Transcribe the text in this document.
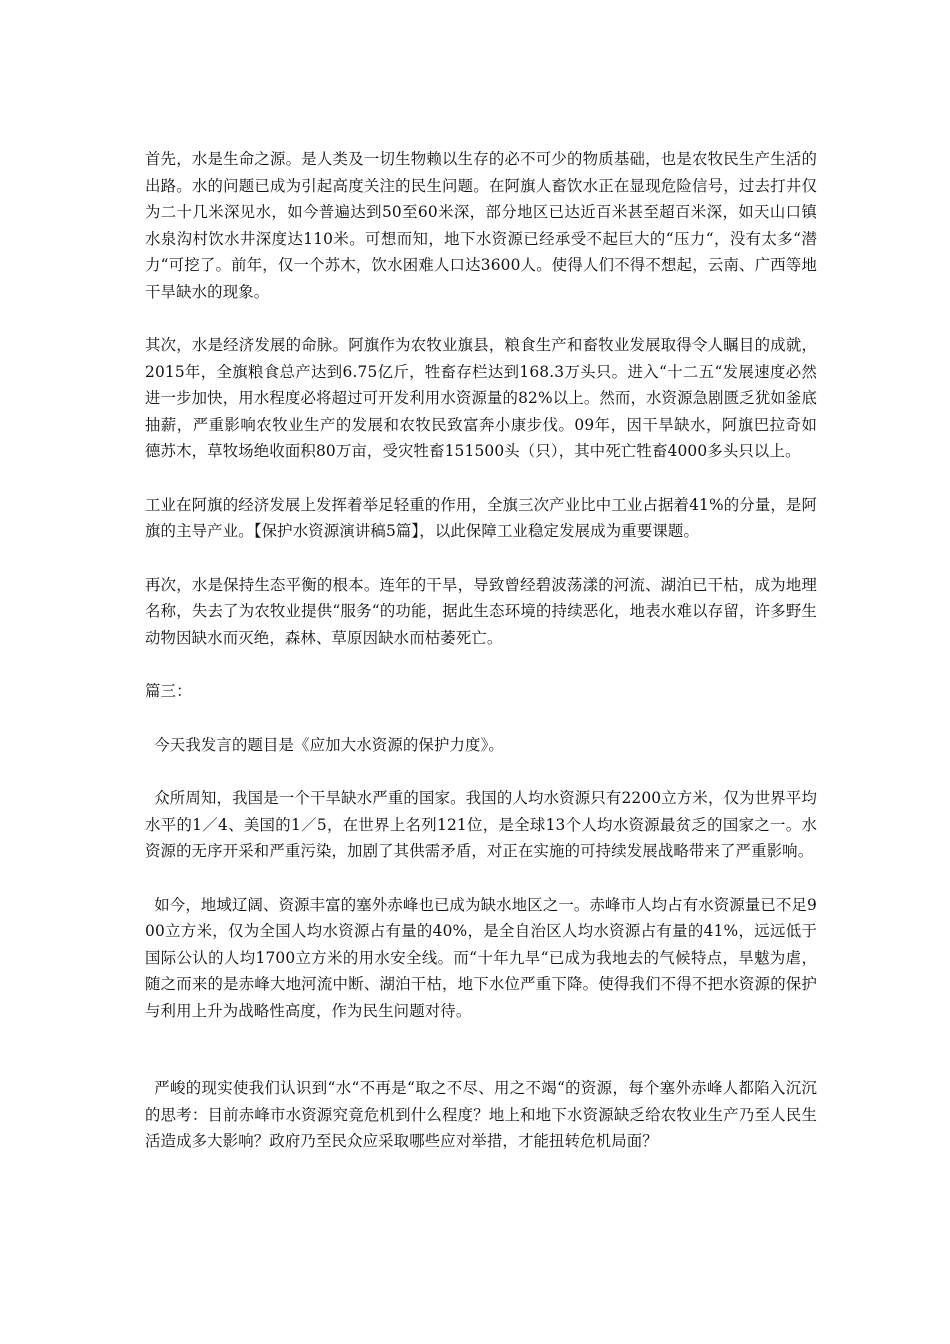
首先，水是生命之源。是人类及一切生物赖以生存的必不可少的物质基础，也是农牧民生产生活的出路。水的问题已成为引起高度关注的民生问题。在阿旗人畜饮水正在显现危险信号，过去打井仅为二十几米深见水，如今普遍达到50至60米深，部分地区已达近百米甚至超百米深，如天山口镇水泉沟村饮水井深度达110米。可想而知，地下水资源已经承受不起巨大的“压力“，没有太多“潜力“可挖了。前年，仅一个苏木，饮水困难人口达3600人。使得人们不得不想起，云南、广西等地干旱缺水的现象。

其次，水是经济发展的命脉。阿旗作为农牧业旗县，粮食生产和畜牧业发展取得令人瞩目的成就，2015年，全旗粮食总产达到6.75亿斤，牲畜存栏达到168.3万头只。进入“十二五“发展速度必然进一步加快，用水程度必将超过可开发利用水资源量的82%以上。然而，水资源急剧匮乏犹如釜底抽薪，严重影响农牧业生产的发展和农牧民致富奔小康步伐。09年，因干旱缺水，阿旗巴拉奇如德苏木，草牧场绝收面积80万亩，受灾牲畜151500头（只），其中死亡牲畜4000多头只以上。

工业在阿旗的经济发展上发挥着举足轻重的作用，全旗三次产业比中工业占据着41%的分量，是阿旗的主导产业。【保护水资源演讲稿5篇】，以此保障工业稳定发展成为重要课题。

再次，水是保持生态平衡的根本。连年的干旱，导致曾经碧波荡漾的河流、湖泊已干枯，成为地理名称，失去了为农牧业提供“服务“的功能，据此生态环境的持续恶化，地表水难以存留，许多野生动物因缺水而灭绝，森林、草原因缺水而枯萎死亡。

篇三：

今天我发言的题目是《应加大水资源的保护力度》。

众所周知，我国是一个干旱缺水严重的国家。我国的人均水资源只有2200立方米，仅为世界平均水平的1／4、美国的1／5，在世界上名列121位，是全球13个人均水资源最贫乏的国家之一。水资源的无序开采和严重污染，加剧了其供需矛盾，对正在实施的可持续发展战略带来了严重影响。

如今，地域辽阔、资源丰富的塞外赤峰也已成为缺水地区之一。赤峰市人均占有水资源量已不足900立方米，仅为全国人均水资源占有量的40%，是全自治区人均水资源占有量的41%，远远低于国际公认的人均1700立方米的用水安全线。而“十年九旱“已成为我地去的气候特点，旱魃为虐，随之而来的是赤峰大地河流中断、湖泊干枯，地下水位严重下降。使得我们不得不把水资源的保护与利用上升为战略性高度，作为民生问题对待。

严峻的现实使我们认识到“水“不再是“取之不尽、用之不竭“的资源，每个塞外赤峰人都陷入沉沉的思考：目前赤峰市水资源究竟危机到什么程度？地上和地下水资源缺乏给农牧业生产乃至人民生活造成多大影响？政府乃至民众应采取哪些应对举措，才能扭转危机局面？
